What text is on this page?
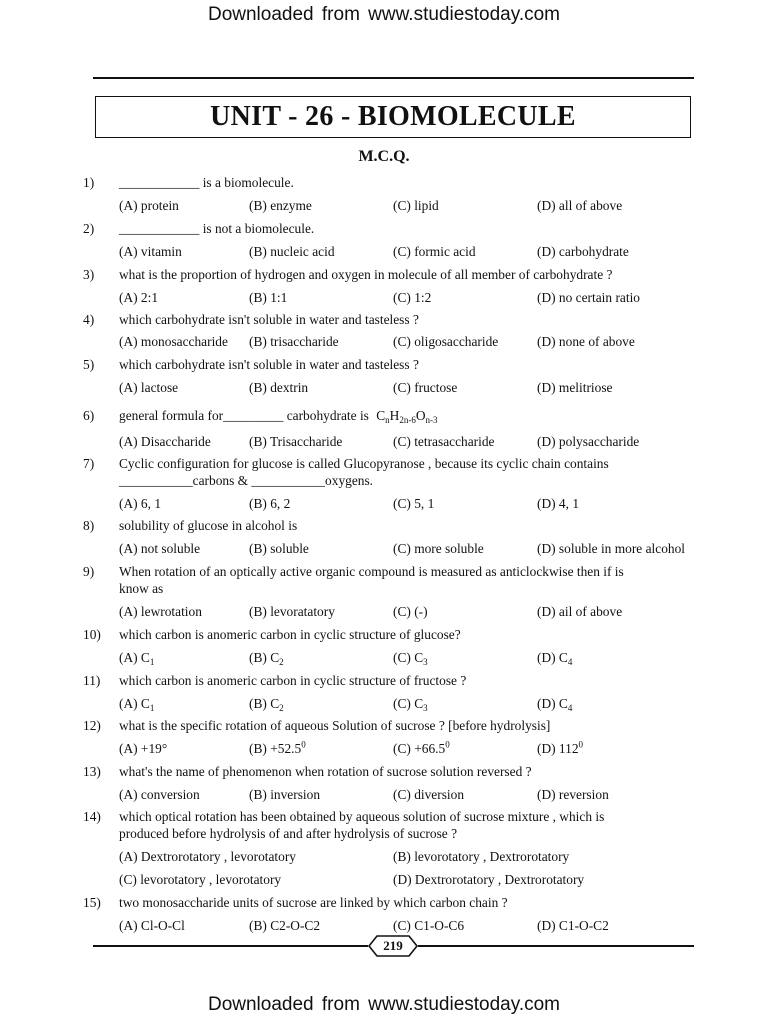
Downloaded from www.studiestoday.com
UNIT - 26 - BIOMOLECULE
M.C.Q.
1) ____________ is a biomolecule.
(A) protein	(B) enzyme	(C) lipid	(D) all of above
2) ____________ is not a biomolecule.
(A) vitamin	(B) nucleic acid	(C) formic acid	(D) carbohydrate
3) what is the proportion of hydrogen and oxygen in molecule of all member of carbohydrate ?
(A) 2:1	(B) 1:1	(C) 1:2	(D) no certain ratio
4) which carbohydrate isn't soluble in water and tasteless ?
(A) monosaccharide (B) trisaccharide	(C) oligosaccharide	(D) none of above
5) which carbohydrate isn't soluble in water and tasteless ?
(A) lactose	(B) dextrin	(C) fructose	(D) melitriose
6) general formula for_________ carbohydrate is $C_nH_{2n-6}O_{n-3}$
(A) Disaccharide	(B) Trisaccharide	(C) tetrasaccharide	(D) polysaccharide
7) Cyclic configuration for glucose is called Glucopyranose , because its cyclic chain contains
___________carbons & ___________oxygens.
(A) 6, 1	(B) 6, 2	(C) 5, 1	(D) 4, 1
8) solubility of glucose in alcohol is
(A) not soluble	(B) soluble	(C) more soluble	(D) soluble in more alcohol
9) When rotation of an optically active organic compound is measured as anticlockwise then if is
know as
(A) lewrotation	(B) levoratatory	(C) (-)	(D) ail of above
10) which carbon is anomeric carbon in cyclic structure of glucose?
(A) $C_1$	(B) $C_2$	(C) $C_3$	(D) $C_4$
11) which carbon is anomeric carbon in cyclic structure of fructose ?
(A) $C_1$	(B) $C_2$	(C) $C_3$	(D) $C_4$
12) what is the specific rotation of aqueous Solution of sucrose ? [before hydrolysis]
(A) +19°	$(B) +52.5^0$	$(C) +66.5^0$	(D) $112^0$
13) what's the name of phenomenon when rotation of sucrose solution reversed ?
(A) conversion	(B) inversion	(C) diversion	(D) reversion
14) which optical rotation has been obtained by aqueous solution of sucrose mixture , which is
produced before hydrolysis of and after hydrolysis of sucrose ?
(A) Dextrorotatory , levorotatory	(B) levorotatory , Dextrorotatory
(C) levorotatory , levorotatory	(D) Dextrorotatory , Dextrorotatory
15) two monosaccharide units of sucrose are linked by which carbon chain ?
(A) Cl-O-Cl	(B) C2-O-C2	(C) C1-O-C6	(D) C1-O-C2
219
Downloaded from www.studiestoday.com
